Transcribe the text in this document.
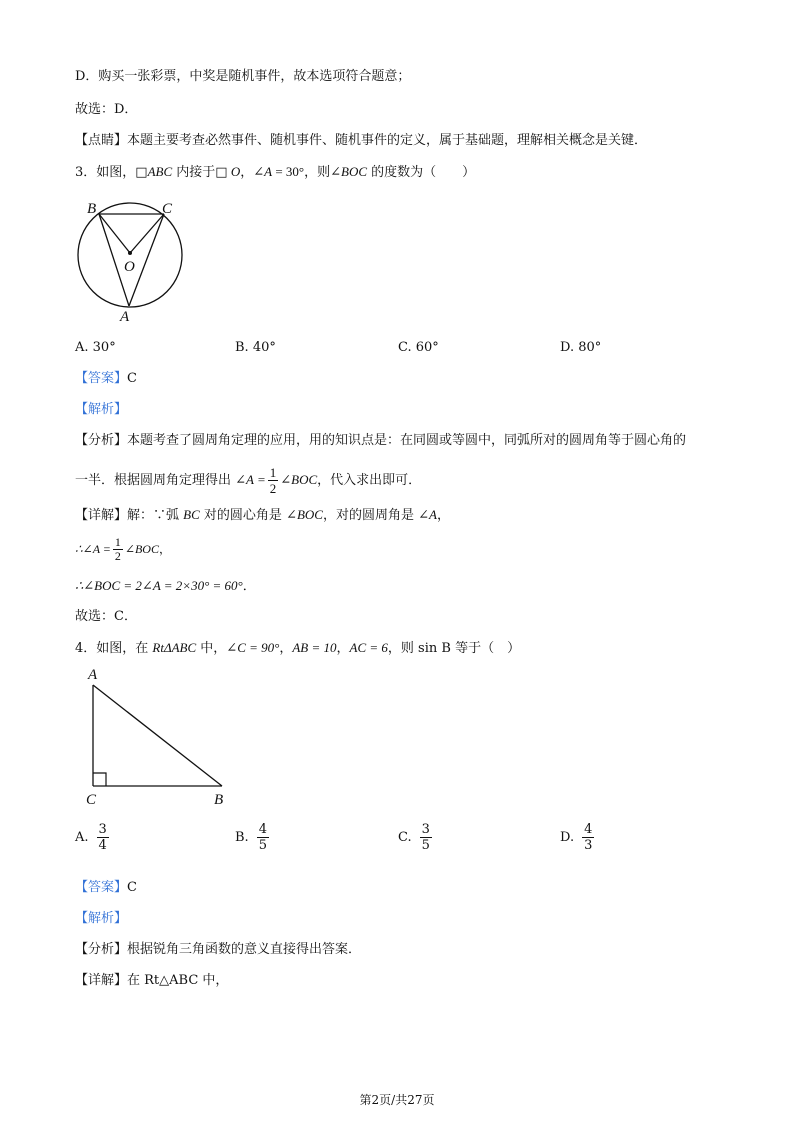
D．购买一张彩票，中奖是随机事件，故本选项符合题意；
故选：D．
【点睛】本题主要考查必然事件、随机事件、随机事件的定义，属于基础题，理解相关概念是关键．
3．如图，□ABC 内接于□ O，∠A = 30°，则∠BOC 的度数为（　　）
B	C
O
A
A. 30°	B. 40°	C. 60°	D. 80°
【答案】C
【解析】
【分析】本题考查了圆周角定理的应用，用的知识点是：在同圆或等圆中，同弧所对的圆周角等于圆心角的
一半．根据圆周角定理得出 ∠A = $\frac{1}{2}$ ∠BOC，代入求出即可．
【详解】解：∵弧 BC 对的圆心角是 ∠BOC，对的圆周角是 ∠A，
∴∠A = $\frac{1}{2}$ ∠BOC，
∴∠BOC = 2∠A = 2×30° = 60°．
故选：C．
4．如图，在 RtΔABC 中，∠C = 90°，AB = 10，AC = 6，则 sin B 等于（　）
A
C	B
A. $\frac{3}{4}$	B. $\frac{4}{5}$	C. $\frac{3}{5}$	D. $\frac{4}{3}$
【答案】C
【解析】
【分析】根据锐角三角函数的意义直接得出答案．
【详解】在 Rt△ABC 中，
第2页/共27页
